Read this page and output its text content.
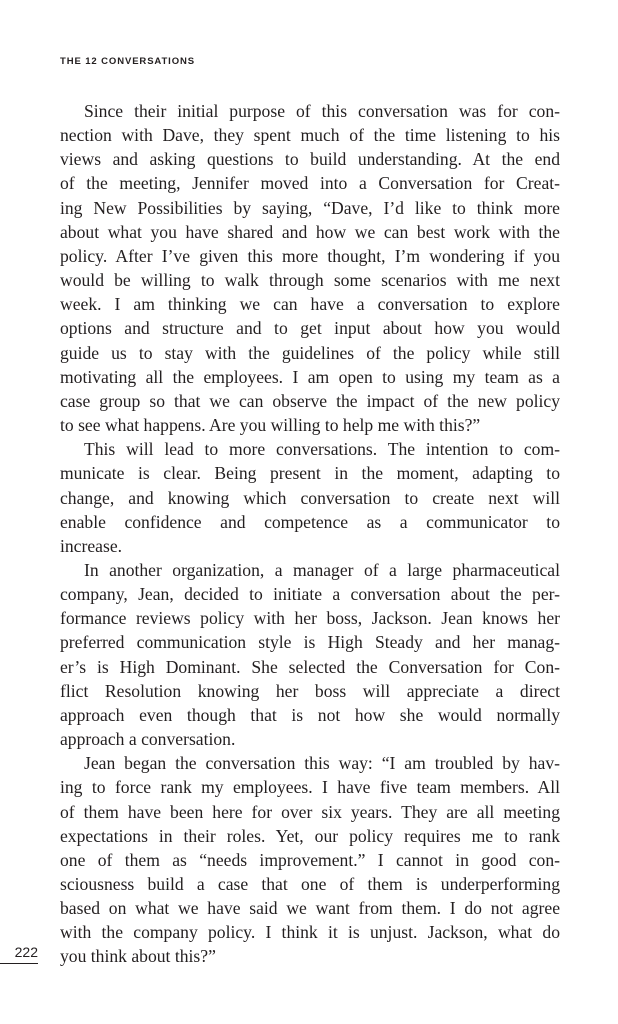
THE 12 CONVERSATIONS
Since their initial purpose of this conversation was for con-
nection with Dave, they spent much of the time listening to his
views and asking questions to build understanding. At the end
of the meeting, Jennifer moved into a Conversation for Creat-
ing New Possibilities by saying, “Dave, I’d like to think more
about what you have shared and how we can best work with the
policy. After I’ve given this more thought, I’m wondering if you
would be willing to walk through some scenarios with me next
week. I am thinking we can have a conversation to explore
options and structure and to get input about how you would
guide us to stay with the guidelines of the policy while still
motivating all the employees. I am open to using my team as a
case group so that we can observe the impact of the new policy
to see what happens. Are you willing to help me with this?”
This will lead to more conversations. The intention to com-
municate is clear. Being present in the moment, adapting to
change, and knowing which conversation to create next will
enable confidence and competence as a communicator to
increase.
In another organization, a manager of a large pharmaceutical
company, Jean, decided to initiate a conversation about the per-
formance reviews policy with her boss, Jackson. Jean knows her
preferred communication style is High Steady and her manag-
er’s is High Dominant. She selected the Conversation for Con-
flict Resolution knowing her boss will appreciate a direct
approach even though that is not how she would normally
approach a conversation.
Jean began the conversation this way: “I am troubled by hav-
ing to force rank my employees. I have five team members. All
of them have been here for over six years. They are all meeting
expectations in their roles. Yet, our policy requires me to rank
one of them as “needs improvement.” I cannot in good con-
sciousness build a case that one of them is underperforming
based on what we have said we want from them. I do not agree
with the company policy. I think it is unjust. Jackson, what do
you think about this?”
222
